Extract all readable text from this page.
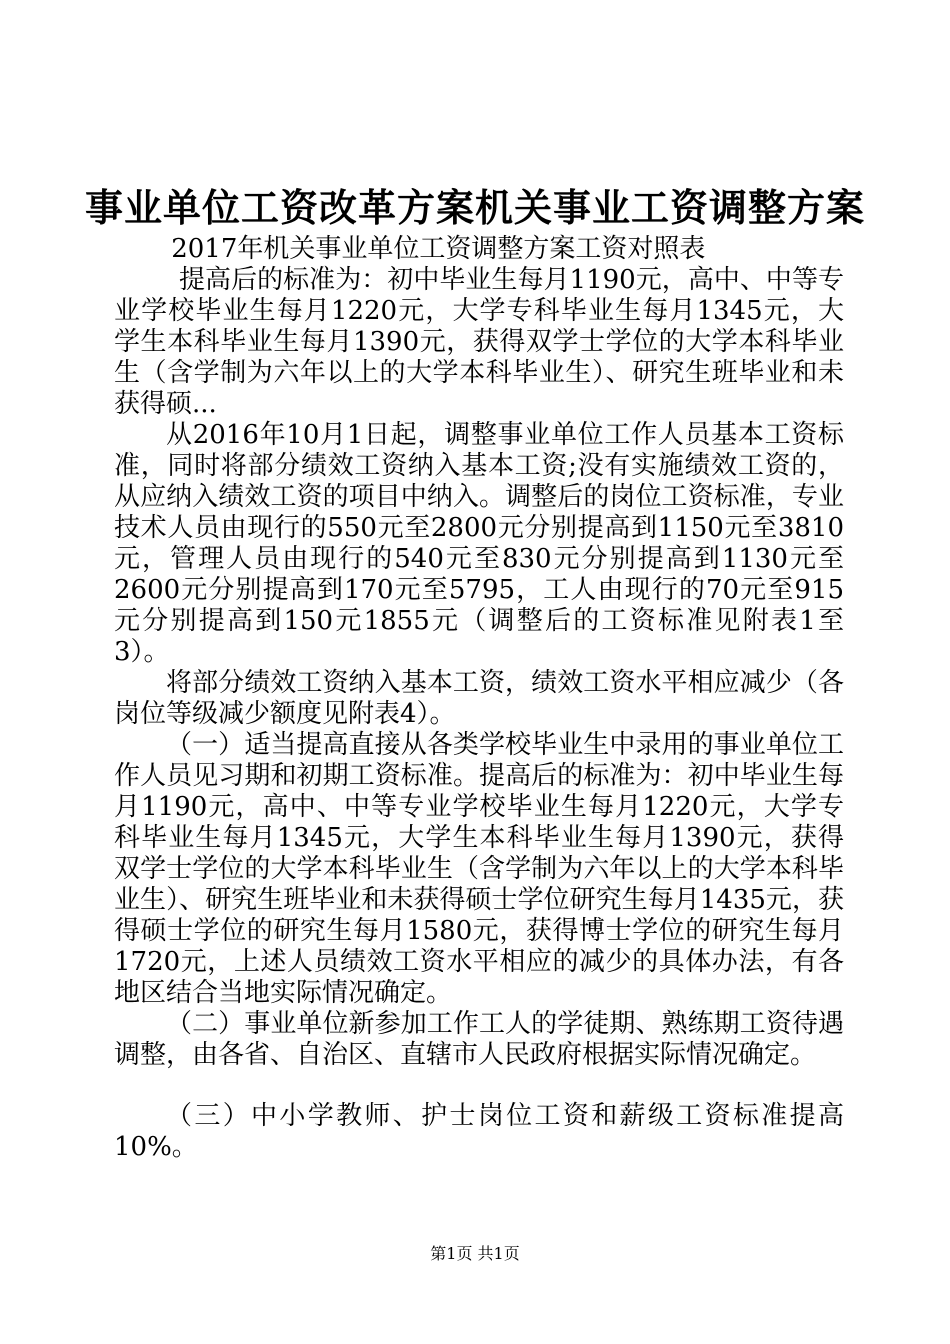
事业单位工资改革方案机关事业工资调整方案

2017年机关事业单位工资调整方案工资对照表

提高后的标准为：初中毕业生每月1190元，高中、中等专业学校毕业生每月1220元，大学专科毕业生每月1345元，大学生本科毕业生每月1390元，获得双学士学位的大学本科毕业生（含学制为六年以上的大学本科毕业生）、研究生班毕业和未获得硕...

从2016年10月1日起，调整事业单位工作人员基本工资标准，同时将部分绩效工资纳入基本工资;没有实施绩效工资的，从应纳入绩效工资的项目中纳入。调整后的岗位工资标准，专业技术人员由现行的550元至2800元分别提高到1150元至3810元，管理人员由现行的540元至830元分别提高到1130元至2600元分别提高到170元至5795，工人由现行的70元至915元分别提高到150元1855元（调整后的工资标准见附表1至3）。

将部分绩效工资纳入基本工资，绩效工资水平相应减少（各岗位等级减少额度见附表4）。

（一）适当提高直接从各类学校毕业生中录用的事业单位工作人员见习期和初期工资标准。提高后的标准为：初中毕业生每月1190元，高中、中等专业学校毕业生每月1220元，大学专科毕业生每月1345元，大学生本科毕业生每月1390元，获得双学士学位的大学本科毕业生（含学制为六年以上的大学本科毕业生）、研究生班毕业和未获得硕士学位研究生每月1435元，获得硕士学位的研究生每月1580元，获得博士学位的研究生每月1720元，上述人员绩效工资水平相应的减少的具体办法，有各地区结合当地实际情况确定。

（二）事业单位新参加工作工人的学徒期、熟练期工资待遇调整，由各省、自治区、直辖市人民政府根据实际情况确定。

（三）中小学教师、护士岗位工资和薪级工资标准提高10%。

第1页 共1页
